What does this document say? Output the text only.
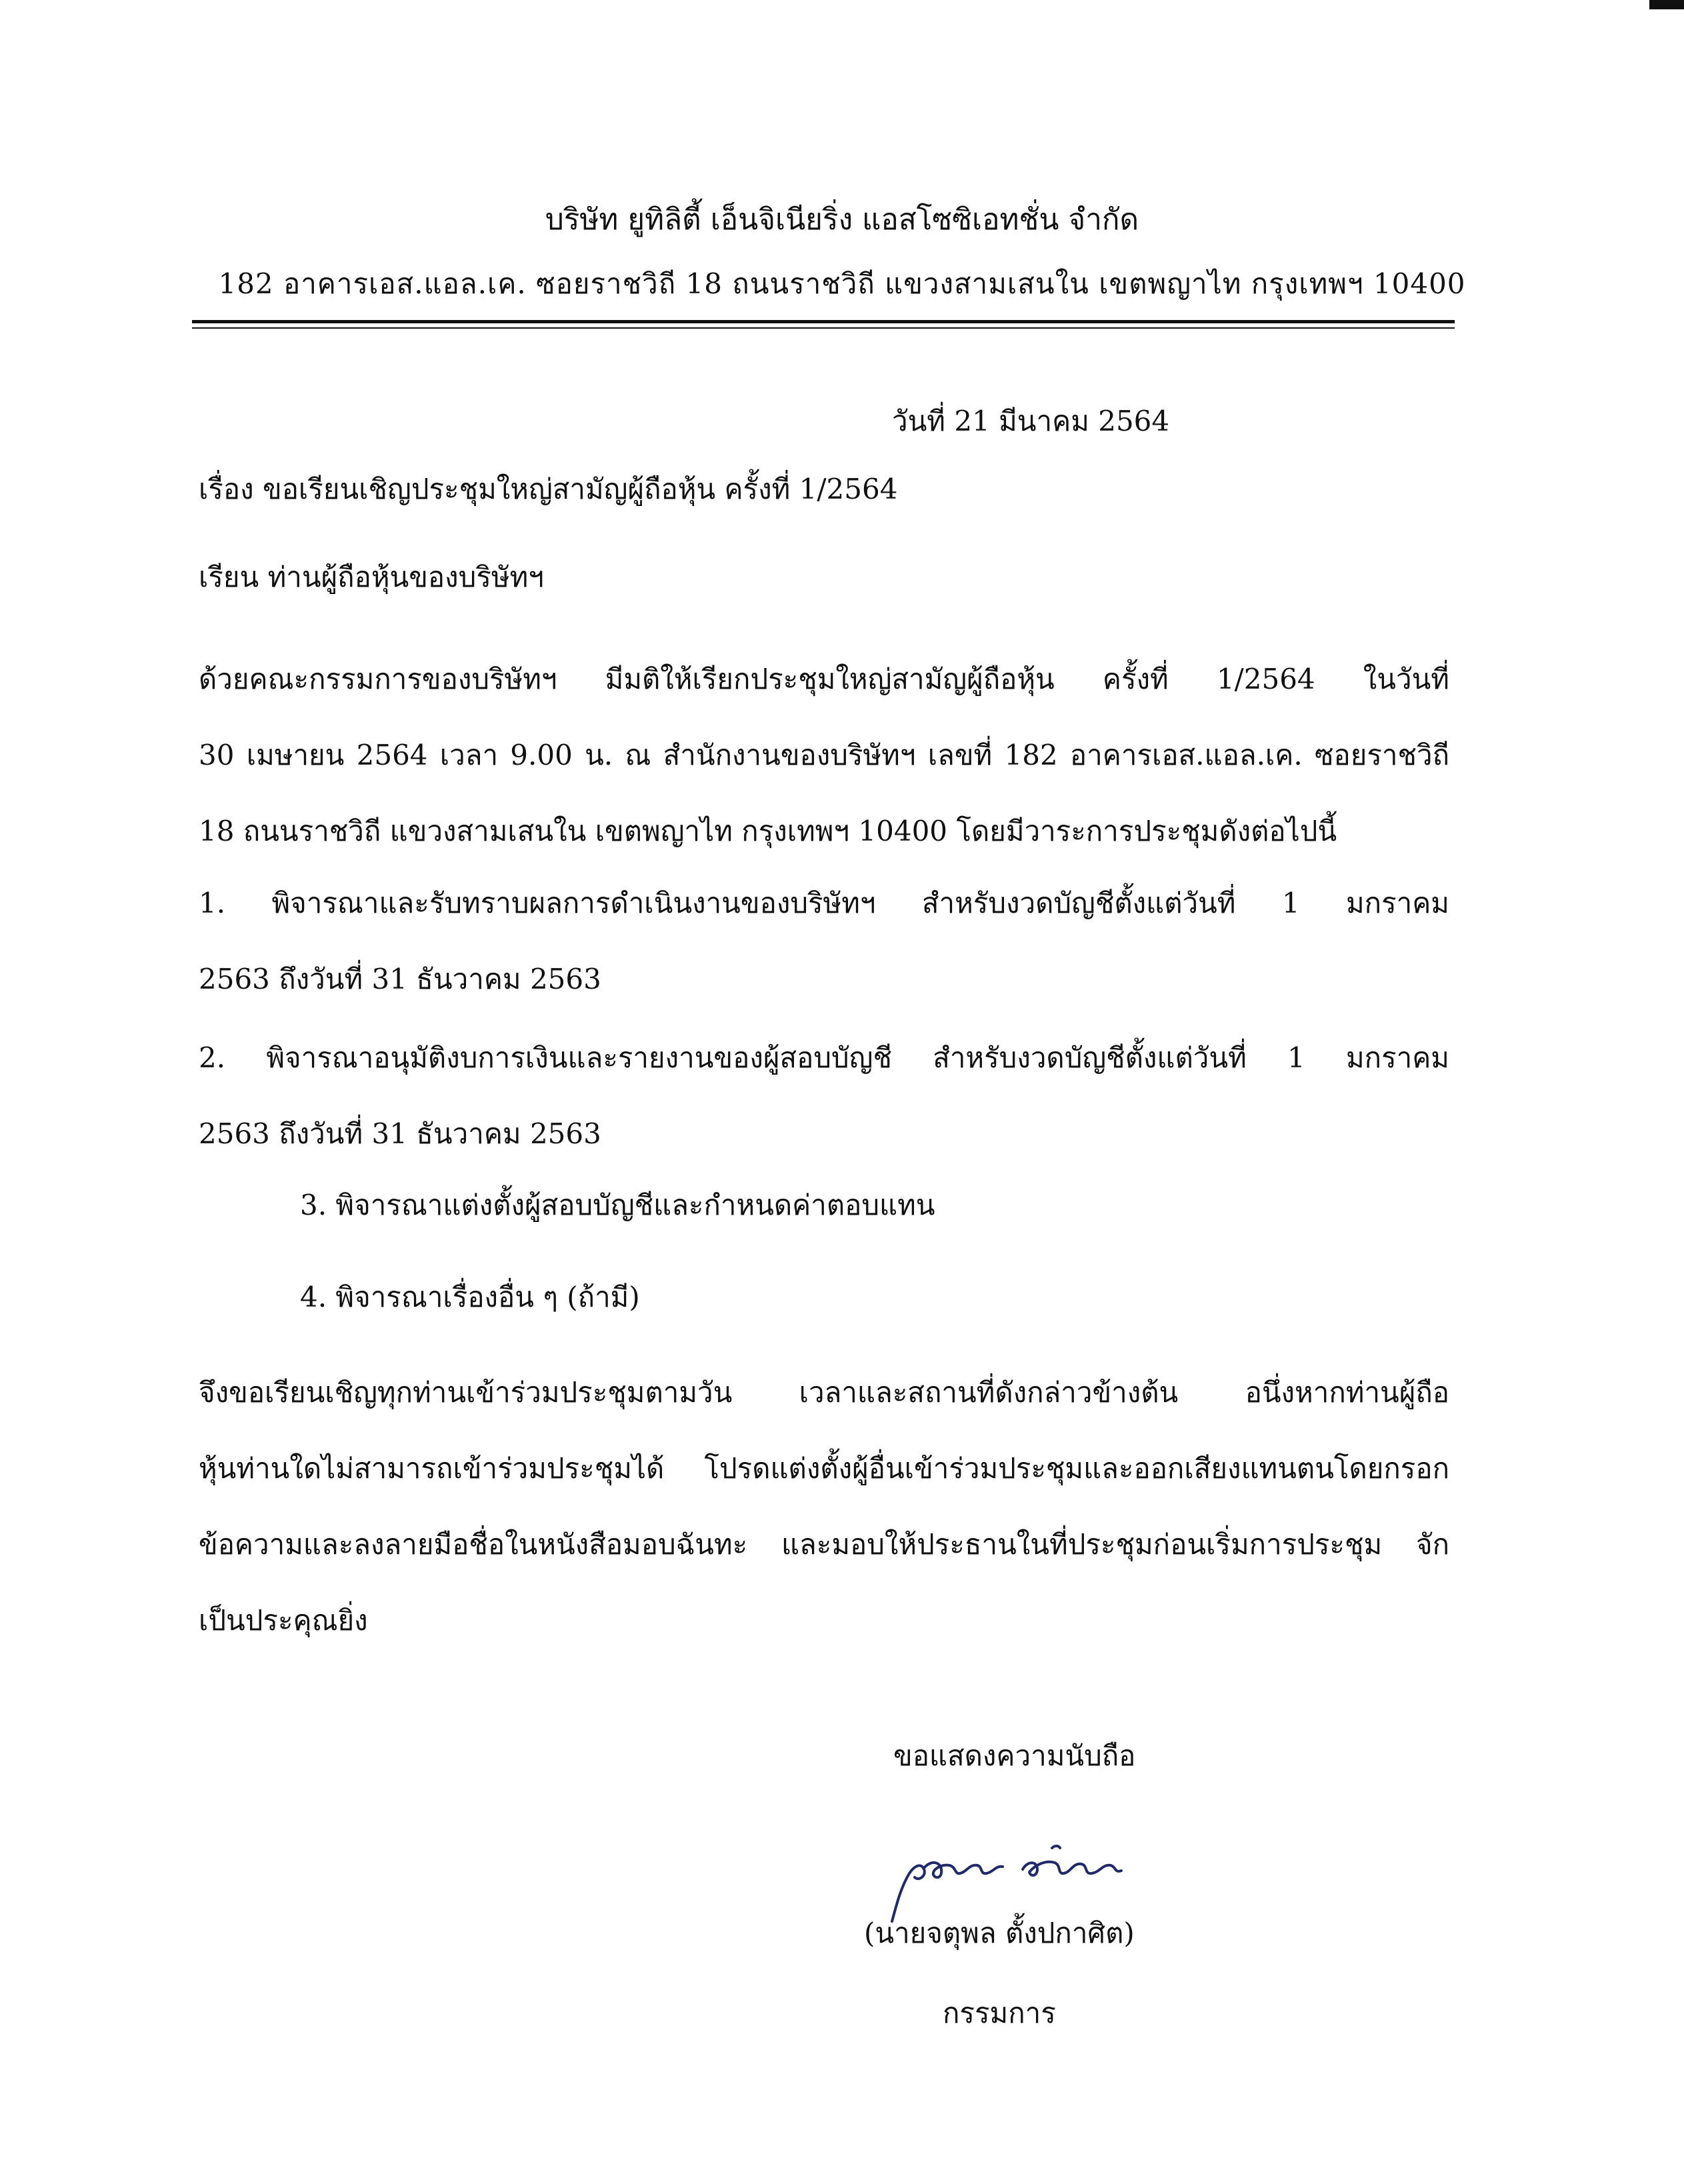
บริษัท ยูทิลิตี้ เอ็นจิเนียริ่ง แอสโซซิเอทชั่น จำกัด
182 อาคารเอส.แอล.เค. ซอยราชวิถี 18 ถนนราชวิถี แขวงสามเสนใน เขตพญาไท กรุงเทพฯ 10400
วันที่ 21 มีนาคม 2564
เรื่อง ขอเรียนเชิญประชุมใหญ่สามัญผู้ถือหุ้น ครั้งที่ 1/2564
เรียน ท่านผู้ถือหุ้นของบริษัทฯ
ด้วยคณะกรรมการของบริษัทฯ มีมติให้เรียกประชุมใหญ่สามัญผู้ถือหุ้น ครั้งที่ 1/2564 ในวันที่
30 เมษายน 2564 เวลา 9.00 น. ณ สำนักงานของบริษัทฯ เลขที่ 182 อาคารเอส.แอล.เค. ซอยราชวิถี
18 ถนนราชวิถี แขวงสามเสนใน เขตพญาไท กรุงเทพฯ 10400 โดยมีวาระการประชุมดังต่อไปนี้
1. พิจารณาและรับทราบผลการดำเนินงานของบริษัทฯ สำหรับงวดบัญชีตั้งแต่วันที่ 1 มกราคม
2563 ถึงวันที่ 31 ธันวาคม 2563
2. พิจารณาอนุมัติงบการเงินและรายงานของผู้สอบบัญชี สำหรับงวดบัญชีตั้งแต่วันที่ 1 มกราคม
2563 ถึงวันที่ 31 ธันวาคม 2563
3. พิจารณาแต่งตั้งผู้สอบบัญชีและกำหนดค่าตอบแทน
4. พิจารณาเรื่องอื่น ๆ (ถ้ามี)
จึงขอเรียนเชิญทุกท่านเข้าร่วมประชุมตามวัน เวลาและสถานที่ดังกล่าวข้างต้น อนึ่งหากท่านผู้ถือ
หุ้นท่านใดไม่สามารถเข้าร่วมประชุมได้ โปรดแต่งตั้งผู้อื่นเข้าร่วมประชุมและออกเสียงแทนตนโดยกรอก
ข้อความและลงลายมือชื่อในหนังสือมอบฉันทะ และมอบให้ประธานในที่ประชุมก่อนเริ่มการประชุม จัก
เป็นประคุณยิ่ง
ขอแสดงความนับถือ
(นายจตุพล ตั้งปกาศิต)
กรรมการ
